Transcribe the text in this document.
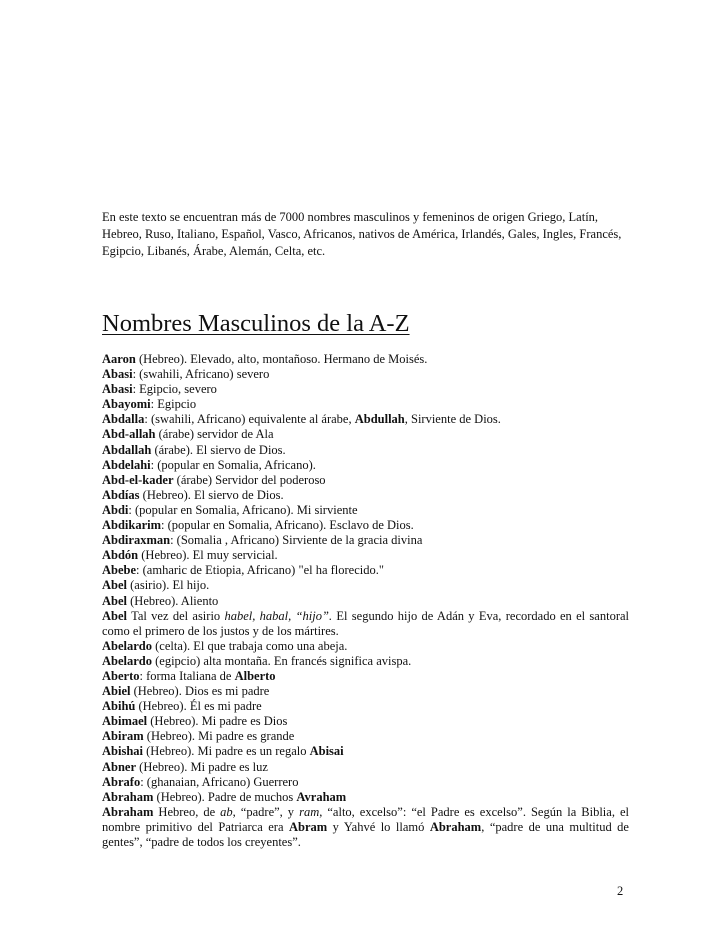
En este texto se encuentran más de 7000 nombres masculinos y femeninos de origen Griego, Latín, Hebreo, Ruso, Italiano, Español, Vasco, Africanos, nativos de América, Irlandés, Gales, Ingles, Francés, Egipcio, Libanés, Árabe, Alemán, Celta, etc.

Nombres Masculinos de la A-Z

Aaron (Hebreo). Elevado, alto, montañoso. Hermano de Moisés.

Abasi: (swahili, Africano) severo

Abasi: Egipcio, severo

Abayomi: Egipcio

Abdalla: (swahili, Africano) equivalente al árabe, Abdullah, Sirviente de Dios.

Abd-allah (árabe) servidor de Ala

Abdallah (árabe). El siervo de Dios.

Abdelahi: (popular en Somalia, Africano).

Abd-el-kader (árabe) Servidor del poderoso

Abdías (Hebreo). El siervo de Dios.

Abdi: (popular en Somalia, Africano). Mi sirviente

Abdikarim: (popular en Somalia, Africano). Esclavo de Dios.

Abdiraxman: (Somalia , Africano) Sirviente de la gracia divina

Abdón (Hebreo). El muy servicial.

Abebe: (amharic de Etiopia, Africano) "el ha florecido."

Abel (asirio). El hijo.

Abel (Hebreo). Aliento

Abel Tal vez del asirio habel, habal, “hijo”. El segundo hijo de Adán y Eva, recordado en el santoral como el primero de los justos y de los mártires.

Abelardo (celta). El que trabaja como una abeja.

Abelardo (egipcio) alta montaña. En francés significa avispa.

Aberto: forma Italiana de Alberto

Abiel (Hebreo). Dios es mi padre

Abihú (Hebreo). Él es mi padre

Abimael (Hebreo). Mi padre es Dios

Abiram (Hebreo). Mi padre es grande

Abishai (Hebreo). Mi padre es un regalo Abisai

Abner (Hebreo). Mi padre es luz

Abrafo: (ghanaian, Africano) Guerrero

Abraham (Hebreo). Padre de muchos Avraham

Abraham Hebreo, de ab, “padre”, y ram, “alto, excelso”: “el Padre es excelso”. Según la Biblia, el nombre primitivo del Patriarca era Abram y Yahvé lo llamó Abraham, “padre de una multitud de gentes”, “padre de todos los creyentes”.

2
